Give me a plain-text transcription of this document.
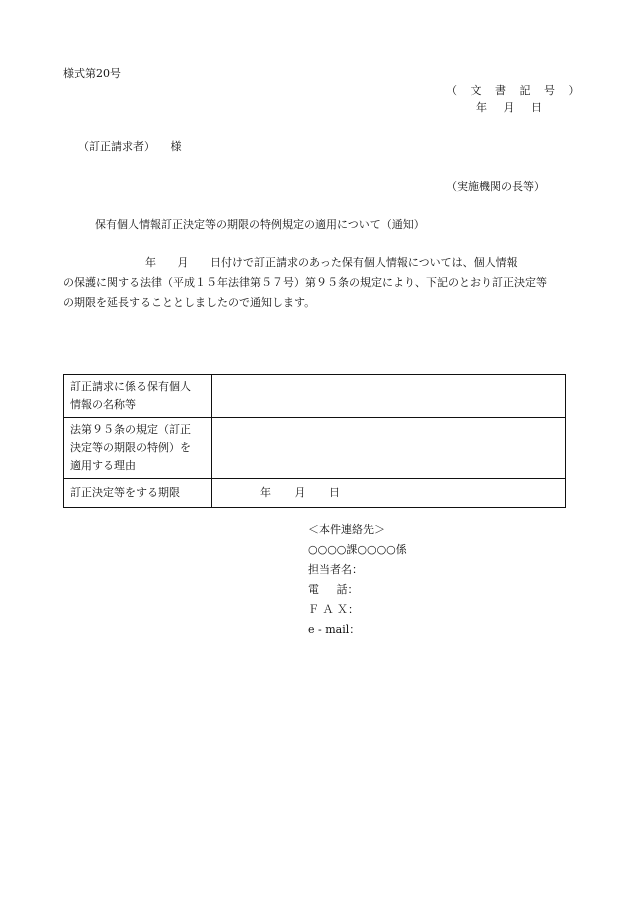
様式第20号
（ 文 書 記 号 ）
年 月 日
（訂正請求者） 様
（実施機関の長等）
保有個人情報訂正決定等の期限の特例規定の適用について（通知）
年 月 日付けで訂正請求のあった保有個人情報については、個人情報
の保護に関する法律（平成１５年法律第５７号）第９５条の規定により、下記のとおり訂正決定等
の期限を延長することとしましたので通知します。
訂正請求に係る保有個人
情報の名称等	

法第９５条の規定（訂正
決定等の期限の特例）を
適用する理由	

訂正決定等をする期限	年 月 日
＜本件連絡先＞
○○○○課○○○○係
担当者名：
電 話：
Ｆ Ａ Ｘ：
e - mail：
